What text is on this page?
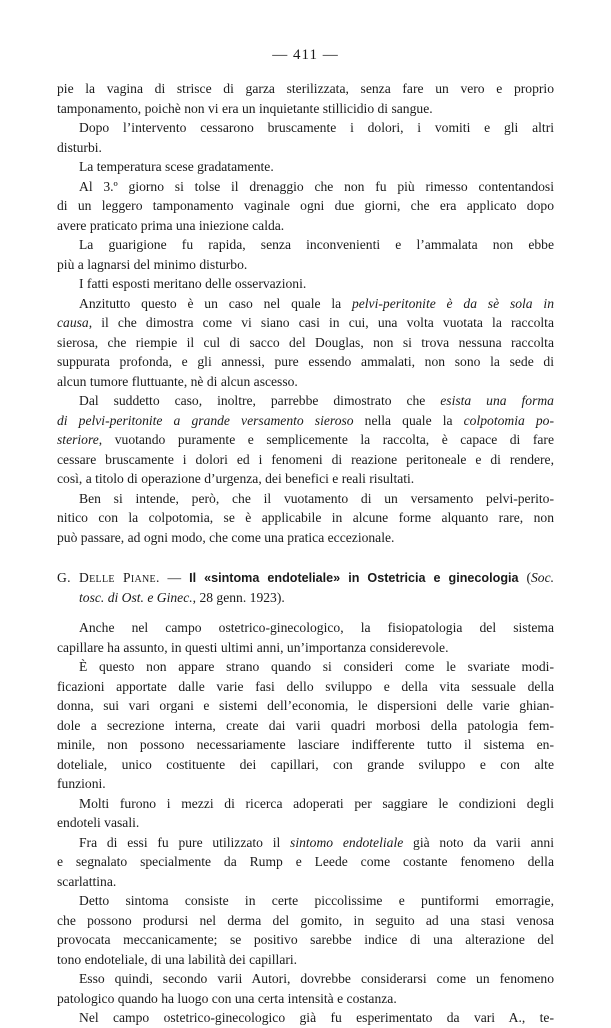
— 411 —
pie la vagina di strisce di garza sterilizzata, senza fare un vero e proprio
tamponamento, poichè non vi era un inquietante stillicidio di sangue.
Dopo l’intervento cessarono bruscamente i dolori, i vomiti e gli altri
disturbi.
La temperatura scese gradatamente.
Al 3.º giorno si tolse il drenaggio che non fu più rimesso contentandosi
di un leggero tamponamento vaginale ogni due giorni, che era applicato dopo
avere praticato prima una iniezione calda.
La guarigione fu rapida, senza inconvenienti e l’ammalata non ebbe
più a lagnarsi del minimo disturbo.
I fatti esposti meritano delle osservazioni.
Anzitutto questo è un caso nel quale la pelvi-peritonite è da sè sola in
causa, il che dimostra come vi siano casi in cui, una volta vuotata la raccolta
sierosa, che riempie il cul di sacco del Douglas, non si trova nessuna raccolta
suppurata profonda, e gli annessi, pure essendo ammalati, non sono la sede di
alcun tumore fluttuante, nè di alcun ascesso.
Dal suddetto caso, inoltre, parrebbe dimostrato che esista una forma
di pelvi-peritonite a grande versamento sieroso nella quale la colpotomia po-
steriore, vuotando puramente e semplicemente la raccolta, è capace di fare
cessare bruscamente i dolori ed i fenomeni di reazione peritoneale e di rendere,
così, a titolo di operazione d’urgenza, dei benefici e reali risultati.
Ben si intende, però, che il vuotamento di un versamento pelvi-perito-
nitico con la colpotomia, se è applicabile in alcune forme alquanto rare, non
può passare, ad ogni modo, che come una pratica eccezionale.
G. Delle Piane. — Il «sintoma endoteliale» in Ostetricia e ginecologia (Soc.
tosc. di Ost. e Ginec., 28 genn. 1923).
Anche nel campo ostetrico-ginecologico, la fisiopatologia del sistema
capillare ha assunto, in questi ultimi anni, un’importanza considerevole.
È questo non appare strano quando si consideri come le svariate modi-
ficazioni apportate dalle varie fasi dello sviluppo e della vita sessuale della
donna, sui vari organi e sistemi dell’economia, le dispersioni delle varie ghian-
dole a secrezione interna, create dai varii quadri morbosi della patologia fem-
minile, non possono necessariamente lasciare indifferente tutto il sistema en-
doteliale, unico costituente dei capillari, con grande sviluppo e con alte
funzioni.
Molti furono i mezzi di ricerca adoperati per saggiare le condizioni degli
endoteli vasali.
Fra di essi fu pure utilizzato il sintomo endoteliale già noto da varii anni
e segnalato specialmente da Rump e Leede come costante fenomeno della
scarlattina.
Detto sintoma consiste in certe piccolissime e puntiformi emorragie,
che possono prodursi nel derma del gomito, in seguito ad una stasi venosa
provocata meccanicamente; se positivo sarebbe indice di una alterazione del
tono endoteliale, di una labilità dei capillari.
Esso quindi, secondo varii Autori, dovrebbe considerarsi come un fenomeno
patologico quando ha luogo con una certa intensità e costanza.
Nel campo ostetrico-ginecologico già fu esperimentato da vari A., te-
